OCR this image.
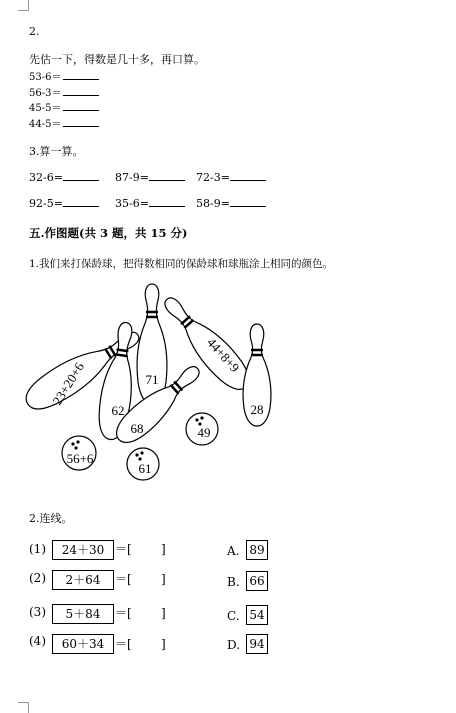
2.
先估一下，得数是几十多，再口算。
53-6＝
56-3＝
45-5＝
44-5＝
3.算一算。
32-6=	87-9=	72-3=
92-5=	35-6=	58-9=
五.作图题(共 3 题，共 15 分)
1.我们来打保龄球，把得数相同的保龄球和球瓶涂上相同的颜色。
23+20+6
62
71
44+8+9
68
28
56+6
49
61
2.连线。
(1)	24＋30 ＝[ ]	A. 89
(2)	2＋64	＝[ ]	B. 66
(3)	5＋84	＝[ ]	C. 54
(4)	60＋34 ＝[ ]	D. 94
